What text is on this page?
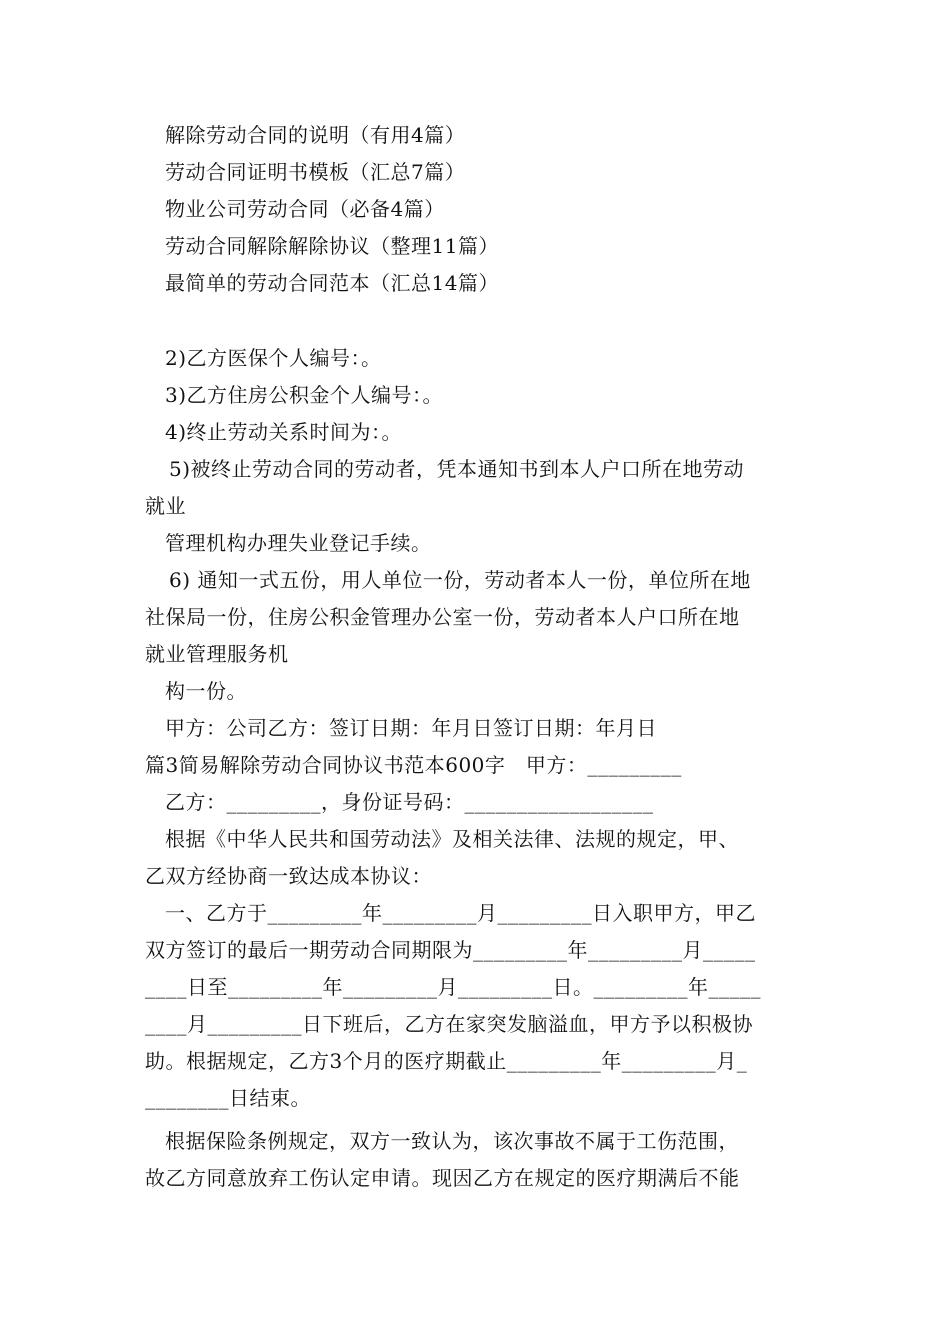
解除劳动合同的说明（有用4篇）
劳动合同证明书模板（汇总7篇）
物业公司劳动合同（必备4篇）
劳动合同解除解除协议（整理11篇）
最简单的劳动合同范本（汇总14篇）
2)乙方医保个人编号：。
3)乙方住房公积金个人编号：。
4)终止劳动关系时间为：。
5)被终止劳动合同的劳动者，凭本通知书到本人户口所在地劳动
就业
管理机构办理失业登记手续。
6) 通知一式五份，用人单位一份，劳动者本人一份，单位所在地
社保局一份，住房公积金管理办公室一份，劳动者本人户口所在地
就业管理服务机
构一份。
甲方：公司乙方：签订日期：年月日签订日期：年月日
篇3简易解除劳动合同协议书范本600字　甲方：_________
乙方：_________，身份证号码：__________________
根据《中华人民共和国劳动法》及相关法律、法规的规定，甲、
乙双方经协商一致达成本协议：
一、乙方于_________年_________月_________日入职甲方，甲乙
双方签订的最后一期劳动合同期限为_________年_________月_____
____日至_________年_________月_________日。_________年_____
____月_________日下班后，乙方在家突发脑溢血，甲方予以积极协
助。根据规定，乙方3个月的医疗期截止_________年_________月_
________日结束。
根据保险条例规定，双方一致认为，该次事故不属于工伤范围，
故乙方同意放弃工伤认定申请。现因乙方在规定的医疗期满后不能
